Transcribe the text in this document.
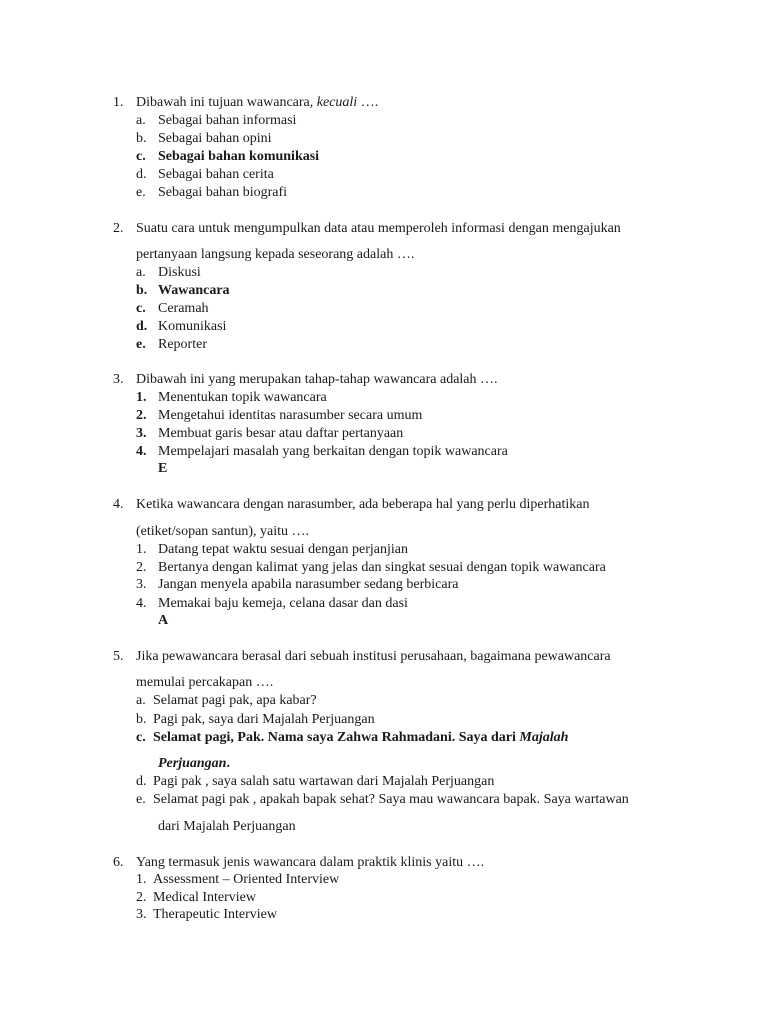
1. Dibawah ini tujuan wawancara, kecuali ….
a. Sebagai bahan informasi
b. Sebagai bahan opini
c. Sebagai bahan komunikasi
d. Sebagai bahan cerita
e. Sebagai bahan biografi
2. Suatu cara untuk mengumpulkan data atau memperoleh informasi dengan mengajukan
pertanyaan langsung kepada seseorang adalah ….
a. Diskusi
b. Wawancara
c. Ceramah
d. Komunikasi
e. Reporter
3. Dibawah ini yang merupakan tahap-tahap wawancara adalah ….
1. Menentukan topik wawancara
2. Mengetahui identitas narasumber secara umum
3. Membuat garis besar atau daftar pertanyaan
4. Mempelajari masalah yang berkaitan dengan topik wawancara
E
4. Ketika wawancara dengan narasumber, ada beberapa hal yang perlu diperhatikan
(etiket/sopan santun), yaitu ….
1. Datang tepat waktu sesuai dengan perjanjian
2. Bertanya dengan kalimat yang jelas dan singkat sesuai dengan topik wawancara
3. Jangan menyela apabila narasumber sedang berbicara
4. Memakai baju kemeja, celana dasar dan dasi
A
5. Jika pewawancara berasal dari sebuah institusi perusahaan, bagaimana pewawancara
memulai percakapan ….
a. Selamat pagi pak, apa kabar?
b. Pagi pak, saya dari Majalah Perjuangan
c. Selamat pagi, Pak. Nama saya Zahwa Rahmadani. Saya dari Majalah
Perjuangan.
d. Pagi pak , saya salah satu wartawan dari Majalah Perjuangan
e. Selamat pagi pak , apakah bapak sehat? Saya mau wawancara bapak. Saya wartawan
dari Majalah Perjuangan
6. Yang termasuk jenis wawancara dalam praktik klinis yaitu ….
1. Assessment – Oriented Interview
2. Medical Interview
3. Therapeutic Interview
